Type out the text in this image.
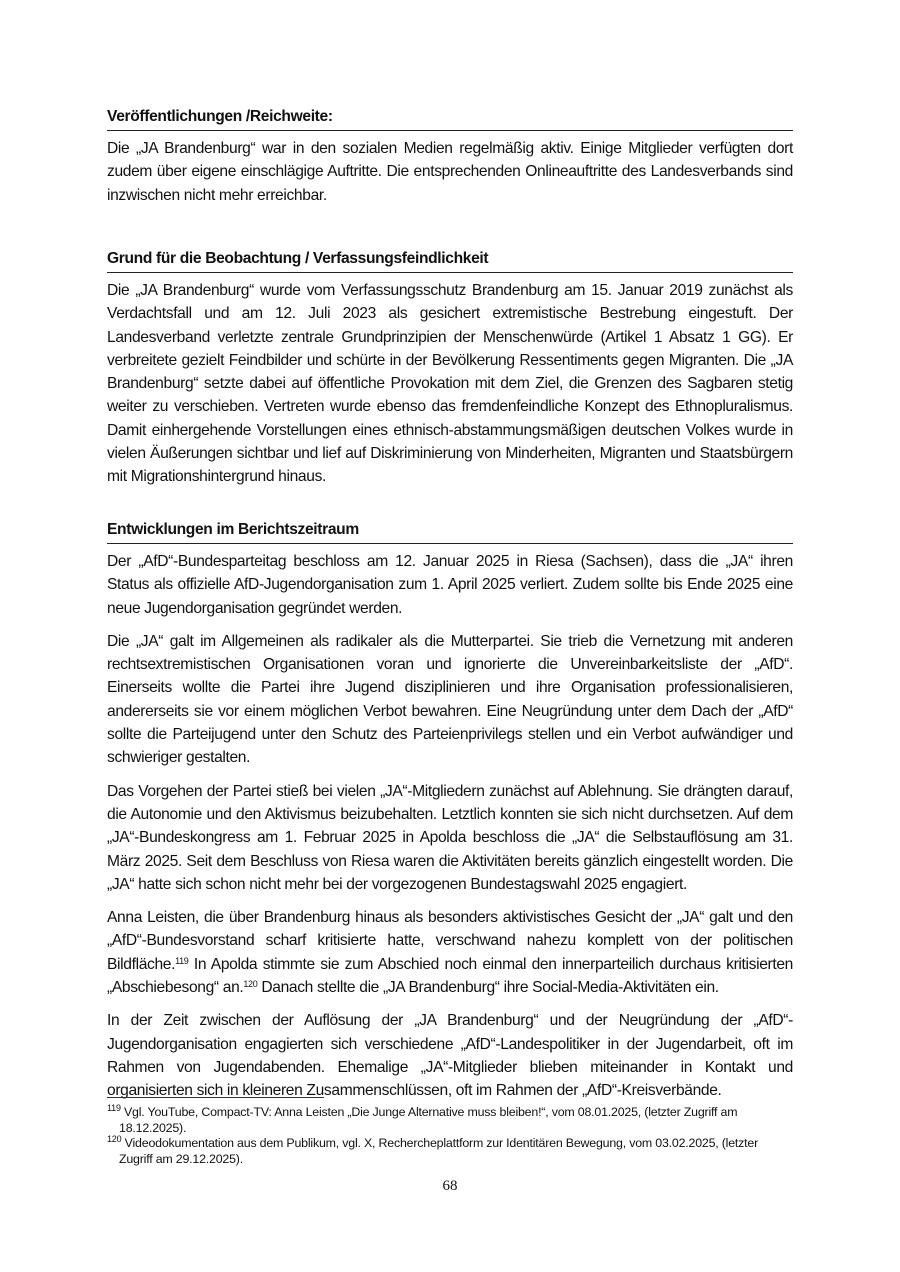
Veröffentlichungen /Reichweite:

Die „JA Brandenburg“ war in den sozialen Medien regelmäßig aktiv. Einige Mitglieder verfügten dort zudem über eigene einschlägige Auftritte. Die entsprechenden Onlineauftritte des Landesverbands sind inzwischen nicht mehr erreichbar.

Grund für die Beobachtung / Verfassungsfeindlichkeit

Die „JA Brandenburg“ wurde vom Verfassungsschutz Brandenburg am 15. Januar 2019 zunächst als Verdachtsfall und am 12. Juli 2023 als gesichert extremistische Bestrebung eingestuft. Der Landesverband verletzte zentrale Grundprinzipien der Menschenwürde (Artikel 1 Absatz 1 GG). Er verbreitete gezielt Feindbilder und schürte in der Bevölkerung Ressentiments gegen Migranten. Die „JA Brandenburg“ setzte dabei auf öffentliche Provokation mit dem Ziel, die Grenzen des Sagbaren stetig weiter zu verschieben. Vertreten wurde ebenso das fremdenfeindliche Konzept des Ethnopluralismus. Damit einhergehende Vorstellungen eines ethnisch-abstammungsmäßigen deutschen Volkes wurde in vielen Äußerungen sichtbar und lief auf Diskriminierung von Minderheiten, Migranten und Staatsbürgern mit Migrationshintergrund hinaus.

Entwicklungen im Berichtszeitraum

Der „AfD“-Bundesparteitag beschloss am 12. Januar 2025 in Riesa (Sachsen), dass die „JA“ ihren Status als offizielle AfD-Jugendorganisation zum 1. April 2025 verliert. Zudem sollte bis Ende 2025 eine neue Jugendorganisation gegründet werden.

Die „JA“ galt im Allgemeinen als radikaler als die Mutterpartei. Sie trieb die Vernetzung mit anderen rechtsextremistischen Organisationen voran und ignorierte die Unvereinbarkeitsliste der „AfD“. Einerseits wollte die Partei ihre Jugend disziplinieren und ihre Organisation professionalisieren, andererseits sie vor einem möglichen Verbot bewahren. Eine Neugründung unter dem Dach der „AfD“ sollte die Parteijugend unter den Schutz des Parteienprivilegs stellen und ein Verbot aufwändiger und schwieriger gestalten.

Das Vorgehen der Partei stieß bei vielen „JA“-Mitgliedern zunächst auf Ablehnung. Sie drängten darauf, die Autonomie und den Aktivismus beizubehalten. Letztlich konnten sie sich nicht durchsetzen. Auf dem „JA“-Bundeskongress am 1. Februar 2025 in Apolda beschloss die „JA“ die Selbstauflösung am 31. März 2025. Seit dem Beschluss von Riesa waren die Aktivitäten bereits gänzlich eingestellt worden. Die „JA“ hatte sich schon nicht mehr bei der vorgezogenen Bundestagswahl 2025 engagiert.

Anna Leisten, die über Brandenburg hinaus als besonders aktivistisches Gesicht der „JA“ galt und den „AfD“-Bundesvorstand scharf kritisierte hatte, verschwand nahezu komplett von der politischen Bildfläche.$^{119}$ In Apolda stimmte sie zum Abschied noch einmal den innerparteilich durchaus kritisierten „Abschiebesong“ an.$^{120}$ Danach stellte die „JA Brandenburg“ ihre Social-Media-Aktivitäten ein.

In der Zeit zwischen der Auflösung der „JA Brandenburg“ und der Neugründung der „AfD“-Jugendorganisation engagierten sich verschiedene „AfD“-Landespolitiker in der Jugendarbeit, oft im Rahmen von Jugendabenden. Ehemalige „JA“-Mitglieder blieben miteinander in Kontakt und organisierten sich in kleineren Zusammenschlüssen, oft im Rahmen der „AfD“-Kreisverbände.

$^{119}$ Vgl. YouTube, Compact-TV: Anna Leisten „Die Junge Alternative muss bleiben!“, vom 08.01.2025, (letzter Zugriff am 18.12.2025).

$^{120}$ Videodokumentation aus dem Publikum, vgl. X, Rechercheplattform zur Identitären Bewegung, vom 03.02.2025, (letzter Zugriff am 29.12.2025).

68
